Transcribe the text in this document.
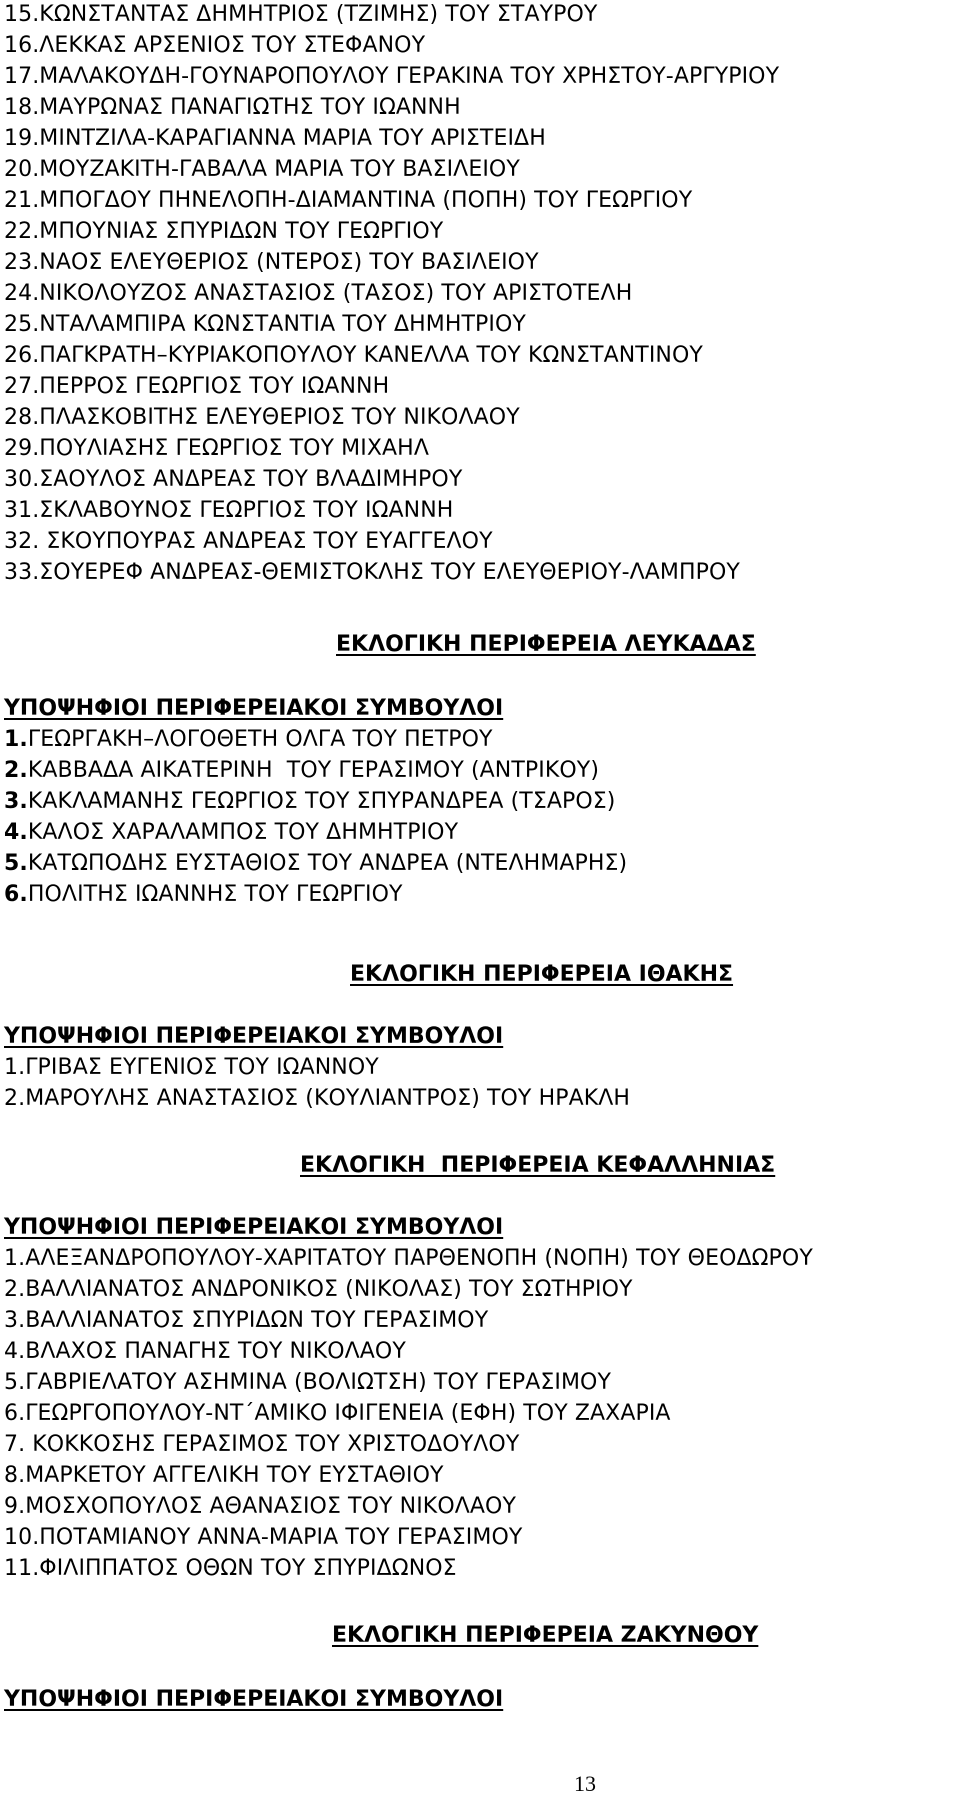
15.ΚΩΝΣΤΑΝΤΑΣ ΔΗΜΗΤΡΙΟΣ (ΤΖΙΜΗΣ) ΤΟΥ ΣΤΑΥΡΟΥ
16.ΛΕΚΚΑΣ ΑΡΣΕΝΙΟΣ ΤΟΥ ΣΤΕΦΑΝΟΥ
17.ΜΑΛΑΚΟΥΔΗ-ΓΟΥΝΑΡΟΠΟΥΛΟΥ ΓΕΡΑΚΙΝΑ ΤΟΥ ΧΡΗΣΤΟΥ-ΑΡΓΥΡΙΟΥ
18.ΜΑΥΡΩΝΑΣ ΠΑΝΑΓΙΩΤΗΣ ΤΟΥ ΙΩΑΝΝΗ
19.ΜΙΝΤΖΙΛΑ-ΚΑΡΑΓΙΑΝΝΑ ΜΑΡΙΑ ΤΟΥ ΑΡΙΣΤΕΙΔΗ
20.ΜΟΥΖΑΚΙΤΗ-ΓΑΒΑΛΑ ΜΑΡΙΑ ΤΟΥ ΒΑΣΙΛΕΙΟΥ
21.ΜΠΟΓΔΟΥ ΠΗΝΕΛΟΠΗ-ΔΙΑΜΑΝΤΙΝΑ (ΠΟΠΗ) ΤΟΥ ΓΕΩΡΓΙΟΥ
22.ΜΠΟΥΝΙΑΣ ΣΠΥΡΙΔΩΝ ΤΟΥ ΓΕΩΡΓΙΟΥ
23.ΝΑΟΣ ΕΛΕΥΘΕΡΙΟΣ (ΝΤΕΡΟΣ) ΤΟΥ ΒΑΣΙΛΕΙΟΥ
24.ΝΙΚΟΛΟΥΖΟΣ ΑΝΑΣΤΑΣΙΟΣ (ΤΑΣΟΣ) ΤΟΥ ΑΡΙΣΤΟΤΕΛΗ
25.ΝΤΑΛΑΜΠΙΡΑ ΚΩΝΣΤΑΝΤΙΑ ΤΟΥ ΔΗΜΗΤΡΙΟΥ
26.ΠΑΓΚΡΑΤΗ–ΚΥΡΙΑΚΟΠΟΥΛΟΥ ΚΑΝΕΛΛΑ ΤΟΥ ΚΩΝΣΤΑΝΤΙΝΟΥ
27.ΠΕΡΡΟΣ ΓΕΩΡΓΙΟΣ ΤΟΥ ΙΩΑΝΝΗ
28.ΠΛΑΣΚΟΒΙΤΗΣ ΕΛΕΥΘΕΡΙΟΣ ΤΟΥ ΝΙΚΟΛΑΟΥ
29.ΠΟΥΛΙΑΣΗΣ ΓΕΩΡΓΙΟΣ ΤΟΥ ΜΙΧΑΗΛ
30.ΣΑΟΥΛΟΣ ΑΝΔΡΕΑΣ ΤΟΥ ΒΛΑΔΙΜΗΡΟΥ
31.ΣΚΛΑΒΟΥΝΟΣ ΓΕΩΡΓΙΟΣ ΤΟΥ ΙΩΑΝΝΗ
32. ΣΚΟΥΠΟΥΡΑΣ ΑΝΔΡΕΑΣ ΤΟΥ ΕΥΑΓΓΕΛΟΥ
33.ΣΟΥΕΡΕΦ ΑΝΔΡΕΑΣ-ΘΕΜΙΣΤΟΚΛΗΣ ΤΟΥ ΕΛΕΥΘΕΡΙΟΥ-ΛΑΜΠΡΟΥ
ΕΚΛΟΓΙΚΗ ΠΕΡΙΦΕΡΕΙΑ ΛΕΥΚΑΔΑΣ
ΥΠΟΨΗΦΙΟΙ ΠΕΡΙΦΕΡΕΙΑΚΟΙ ΣΥΜΒΟΥΛΟΙ
1.ΓΕΩΡΓΑΚΗ–ΛΟΓΟΘΕΤΗ ΟΛΓΑ ΤΟΥ ΠΕΤΡΟΥ
2.ΚΑΒΒΑΔΑ ΑΙΚΑΤΕΡΙΝΗ  ΤΟΥ ΓΕΡΑΣΙΜΟΥ (ΑΝΤΡΙΚΟΥ)
3.ΚΑΚΛΑΜΑΝΗΣ ΓΕΩΡΓΙΟΣ ΤΟΥ ΣΠΥΡΑΝΔΡΕΑ (ΤΣΑΡΟΣ)
4.ΚΑΛΟΣ ΧΑΡΑΛΑΜΠΟΣ ΤΟΥ ΔΗΜΗΤΡΙΟΥ
5.ΚΑΤΩΠΟΔΗΣ ΕΥΣΤΑΘΙΟΣ ΤΟΥ ΑΝΔΡΕΑ (ΝΤΕΛΗΜΑΡΗΣ)
6.ΠΟΛΙΤΗΣ ΙΩΑΝΝΗΣ ΤΟΥ ΓΕΩΡΓΙΟΥ
ΕΚΛΟΓΙΚΗ ΠΕΡΙΦΕΡΕΙΑ ΙΘΑΚΗΣ
ΥΠΟΨΗΦΙΟΙ ΠΕΡΙΦΕΡΕΙΑΚΟΙ ΣΥΜΒΟΥΛΟΙ
1.ΓΡΙΒΑΣ ΕΥΓΕΝΙΟΣ ΤΟΥ ΙΩΑΝΝΟΥ
2.ΜΑΡΟΥΛΗΣ ΑΝΑΣΤΑΣΙΟΣ (ΚΟΥΛΙΑΝΤΡΟΣ) ΤΟΥ ΗΡΑΚΛΗ
ΕΚΛΟΓΙΚΗ  ΠΕΡΙΦΕΡΕΙΑ ΚΕΦΑΛΛΗΝΙΑΣ
ΥΠΟΨΗΦΙΟΙ ΠΕΡΙΦΕΡΕΙΑΚΟΙ ΣΥΜΒΟΥΛΟΙ
1.ΑΛΕΞΑΝΔΡΟΠΟΥΛΟΥ-ΧΑΡΙΤΑΤΟΥ ΠΑΡΘΕΝΟΠΗ (ΝΟΠΗ) ΤΟΥ ΘΕΟΔΩΡΟΥ
2.ΒΑΛΛΙΑΝΑΤΟΣ ΑΝΔΡΟΝΙΚΟΣ (ΝΙΚΟΛΑΣ) ΤΟΥ ΣΩΤΗΡΙΟΥ
3.ΒΑΛΛΙΑΝΑΤΟΣ ΣΠΥΡΙΔΩΝ ΤΟΥ ΓΕΡΑΣΙΜΟΥ
4.ΒΛΑΧΟΣ ΠΑΝΑΓΗΣ ΤΟΥ ΝΙΚΟΛΑΟΥ
5.ΓΑΒΡΙΕΛΑΤΟΥ ΑΣΗΜΙΝΑ (ΒΟΛΙΩΤΣΗ) ΤΟΥ ΓΕΡΑΣΙΜΟΥ
6.ΓΕΩΡΓΟΠΟΥΛΟΥ-ΝΤ΄ΑΜΙΚΟ ΙΦΙΓΕΝΕΙΑ (ΕΦΗ) ΤΟΥ ΖΑΧΑΡΙΑ
7. ΚΟΚΚΟΣΗΣ ΓΕΡΑΣΙΜΟΣ ΤΟΥ ΧΡΙΣΤΟΔΟΥΛΟΥ
8.ΜΑΡΚΕΤΟΥ ΑΓΓΕΛΙΚΗ ΤΟΥ ΕΥΣΤΑΘΙΟΥ
9.ΜΟΣΧΟΠΟΥΛΟΣ ΑΘΑΝΑΣΙΟΣ ΤΟΥ ΝΙΚΟΛΑΟΥ
10.ΠΟΤΑΜΙΑΝΟΥ ΑΝΝΑ-ΜΑΡΙΑ ΤΟΥ ΓΕΡΑΣΙΜΟΥ
11.ΦΙΛΙΠΠΑΤΟΣ ΟΘΩΝ ΤΟΥ ΣΠΥΡΙΔΩΝΟΣ
ΕΚΛΟΓΙΚΗ ΠΕΡΙΦΕΡΕΙΑ ΖΑΚΥΝΘΟΥ
ΥΠΟΨΗΦΙΟΙ ΠΕΡΙΦΕΡΕΙΑΚΟΙ ΣΥΜΒΟΥΛΟΙ
13
